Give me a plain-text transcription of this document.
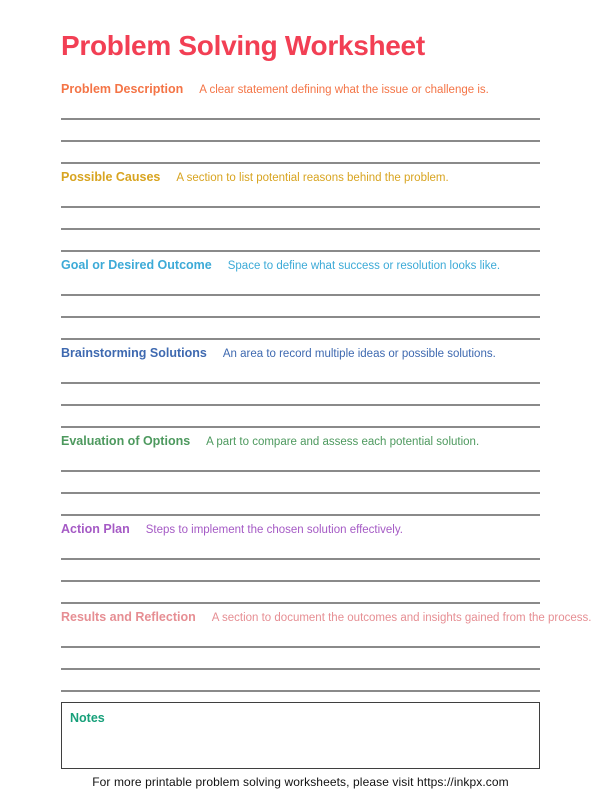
Problem Solving Worksheet
Problem Description A clear statement defining what the issue or challenge is.
Possible Causes A section to list potential reasons behind the problem.
Goal or Desired Outcome Space to define what success or resolution looks like.
Brainstorming Solutions An area to record multiple ideas or possible solutions.
Evaluation of Options A part to compare and assess each potential solution.
Action Plan Steps to implement the chosen solution effectively.
Results and Reflection A section to document the outcomes and insights gained from the process.
Notes
For more printable problem solving worksheets, please visit https://inkpx.com
